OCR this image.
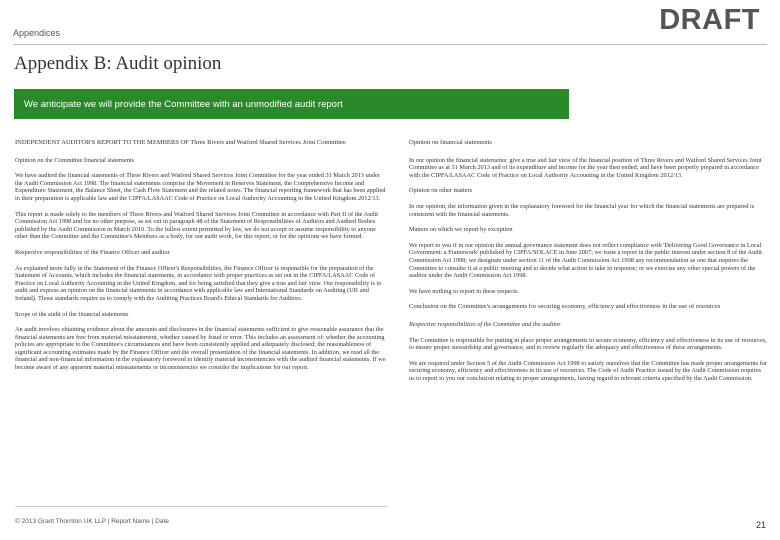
Appendices	DRAFT
Appendix B: Audit opinion
We anticipate we will provide the Committee with an unmodified audit report

INDEPENDENT AUDITOR'S REPORT TO THE MEMBERS OF Three Rivers and Watford Shared Services Joint Committee

Opinion on the Committee financial statements

We have audited the financial statements of Three Rivers and Watford Shared Services Joint Committee for the year ended 31 March 2013 under the Audit Commission Act 1998. The financial statements comprise the Movement in Reserves Statement, the Comprehensive Income and Expenditure Statement, the Balance Sheet, the Cash Flow Statement and the related notes. The financial reporting framework that has been applied in their preparation is applicable law and the CIPFA/LASAAC Code of Practice on Local Authority Accounting in the United Kingdom 2012/13.

This report is made solely to the members of Three Rivers and Watford Shared Services Joint Committee in accordance with Part II of the Audit Commission Act 1998 and for no other purpose, as set out in paragraph 48 of the Statement of Responsibilities of Auditors and Audited Bodies published by the Audit Commission in March 2010. To the fullest extent permitted by law, we do not accept or assume responsibility to anyone other than the Committee and the Committee's Members as a body, for our audit work, for this report, or for the opinions we have formed.

Respective responsibilities of the Finance Officer and auditor

As explained more fully in the Statement of the Finance Officer's Responsibilities, the Finance Officer is responsible for the preparation of the Statement of Accounts, which includes the financial statements, in accordance with proper practices as set out in the CIPFA/LASAAC Code of Practice on Local Authority Accounting in the United Kingdom, and for being satisfied that they give a true and fair view. Our responsibility is to audit and express an opinion on the financial statements in accordance with applicable law and International Standards on Auditing (UK and Ireland). Those standards require us to comply with the Auditing Practices Board's Ethical Standards for Auditors.

Scope of the audit of the financial statements

An audit involves obtaining evidence about the amounts and disclosures in the financial statements sufficient to give reasonable assurance that the financial statements are free from material misstatement, whether caused by fraud or error. This includes an assessment of: whether the accounting policies are appropriate to the Committee's circumstances and have been consistently applied and adequately disclosed; the reasonableness of significant accounting estimates made by the Finance Officer and the overall presentation of the financial statements. In addition, we read all the financial and non-financial information in the explanatory foreword to identify material inconsistencies with the audited financial statements. If we become aware of any apparent material misstatements or inconsistencies we consider the implications for our report.

Opinion on financial statements

In our opinion the financial statements: give a true and fair view of the financial position of Three Rivers and Watford Shared Services Joint Committee as at 31 March 2013 and of its expenditure and income for the year then ended; and have been properly prepared in accordance with the CIPFA/LASAAC Code of Practice on Local Authority Accounting in the United Kingdom 2012/13.

Opinion on other matters

In our opinion, the information given in the explanatory foreword for the financial year for which the financial statements are prepared is consistent with the financial statements.

Matters on which we report by exception

We report to you if in our opinion the annual governance statement does not reflect compliance with 'Delivering Good Governance in Local Government: a Framework' published by CIPFA/SOLACE in June 2007; we issue a report in the public interest under section 8 of the Audit Commission Act 1998; we designate under section 11 of the Audit Commission Act 1998 any recommendation as one that requires the Committee to consider it at a public meeting and to decide what action to take in response; or we exercise any other special powers of the auditor under the Audit Commission Act 1998.

We have nothing to report in these respects.

Conclusion on the Committee's arrangements for securing economy, efficiency and effectiveness in the use of resources

Respective responsibilities of the Committee and the auditor

The Committee is responsible for putting in place proper arrangements to secure economy, efficiency and effectiveness in its use of resources, to ensure proper stewardship and governance, and to review regularly the adequacy and effectiveness of these arrangements.

We are required under Section 5 of the Audit Commission Act 1998 to satisfy ourselves that the Committee has made proper arrangements for securing economy, efficiency and effectiveness in its use of resources. The Code of Audit Practice issued by the Audit Commission requires us to report to you our conclusion relating to proper arrangements, having regard to relevant criteria specified by the Audit Commission.

© 2013 Grant Thornton UK LLP | Report Name | Date	21
